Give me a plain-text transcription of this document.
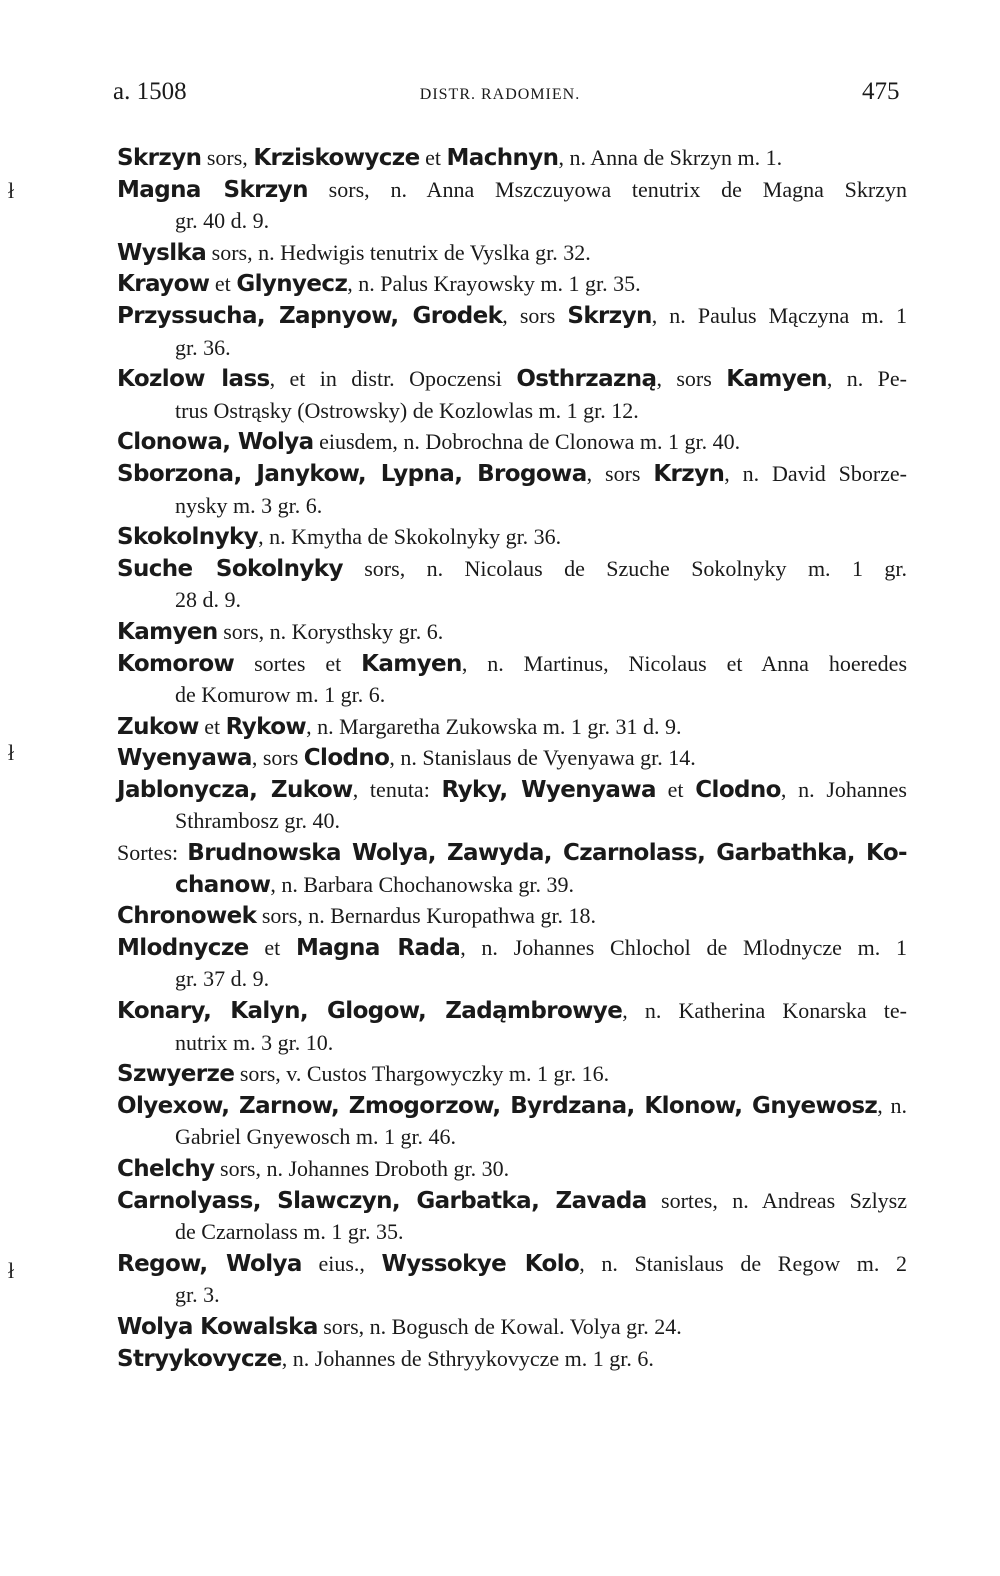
a. 1508	DISTR. RADOMIEN.	475
ł
ł
ł
Skrzyn sors, Krziskowycze et Machnyn, n. Anna de Skrzyn m. 1.
Magna Skrzyn sors, n. Anna Mszczuyowa tenutrix de Magna Skrzyn
gr. 40 d. 9.
Wyslka sors, n. Hedwigis tenutrix de Vyslka gr. 32.
Krayow et Glynyecz, n. Palus Krayowsky m. 1 gr. 35.
Przyssucha, Zapnyow, Grodek, sors Skrzyn, n. Paulus Mączyna m. 1
gr. 36.
Kozlow lass, et in distr. Opoczensi Osthrzazną, sors Kamyen, n. Pe-
trus Ostrąsky (Ostrowsky) de Kozlowlas m. 1 gr. 12.
Clonowa, Wolya eiusdem, n. Dobrochna de Clonowa m. 1 gr. 40.
Sborzona, Janykow, Lypna, Brogowa, sors Krzyn, n. David Sborze-
nysky m. 3 gr. 6.
Skokolnyky, n. Kmytha de Skokolnyky gr. 36.
Suche Sokolnyky sors, n. Nicolaus de Szuche Sokolnyky m. 1 gr.
28 d. 9.
Kamyen sors, n. Korysthsky gr. 6.
Komorow sortes et Kamyen, n. Martinus, Nicolaus et Anna hoeredes
de Komurow m. 1 gr. 6.
Zukow et Rykow, n. Margaretha Zukowska m. 1 gr. 31 d. 9.
Wyenyawa, sors Clodno, n. Stanislaus de Vyenyawa gr. 14.
Jablonycza, Zukow, tenuta: Ryky, Wyenyawa et Clodno, n. Johannes
Sthrambosz gr. 40.
Sortes: Brudnowska Wolya, Zawyda, Czarnolass, Garbathka, Ko-
chanow, n. Barbara Chochanowska gr. 39.
Chronowek sors, n. Bernardus Kuropathwa gr. 18.
Mlodnycze et Magna Rada, n. Johannes Chlochol de Mlodnycze m. 1
gr. 37 d. 9.
Konary, Kalyn, Glogow, Zadąmbrowye, n. Katherina Konarska te-
nutrix m. 3 gr. 10.
Szwyerze sors, v. Custos Thargowyczky m. 1 gr. 16.
Olyexow, Zarnow, Zmogorzow, Byrdzana, Klonow, Gnyewosz, n.
Gabriel Gnyewosch m. 1 gr. 46.
Chelchy sors, n. Johannes Droboth gr. 30.
Carnolyass, Slawczyn, Garbatka, Zavada sortes, n. Andreas Szlysz
de Czarnolass m. 1 gr. 35.
Regow, Wolya eius., Wyssokye Kolo, n. Stanislaus de Regow m. 2
gr. 3.
Wolya Kowalska sors, n. Bogusch de Kowal. Volya gr. 24.
Stryykovycze, n. Johannes de Sthryykovycze m. 1 gr. 6.
